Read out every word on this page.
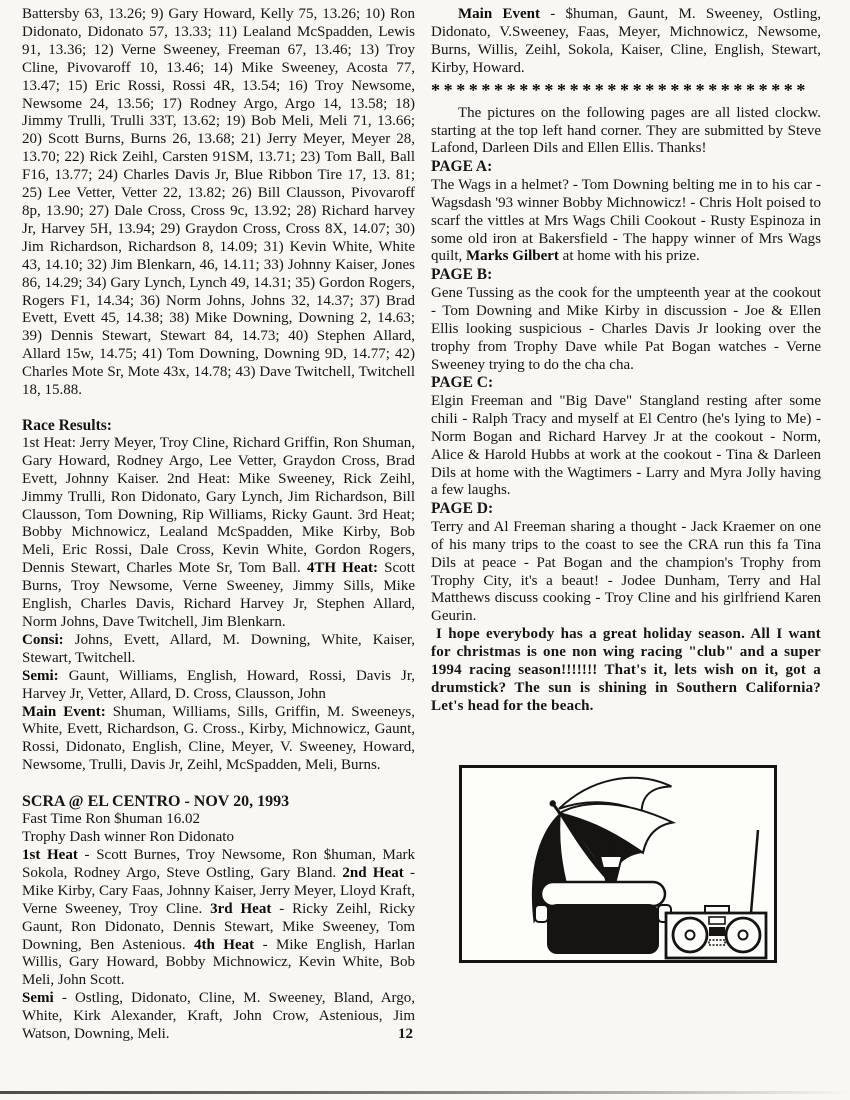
Battersby 63, 13.26; 9) Gary Howard, Kelly 75, 13.26; 10) Ron Didonato, Didonato 57, 13.33; 11) Lealand McSpadden, Lewis 91, 13.36; 12) Verne Sweeney, Freeman 67, 13.46; 13) Troy Cline, Pivovaroff 10, 13.46; 14) Mike Sweeney, Acosta 77, 13.47; 15) Eric Rossi, Rossi 4R, 13.54; 16) Troy Newsome, Newsome 24, 13.56; 17) Rodney Argo, Argo 14, 13.58; 18) Jimmy Trulli, Trulli 33T, 13.62; 19) Bob Meli, Meli 71, 13.66; 20) Scott Burns, Burns 26, 13.68; 21) Jerry Meyer, Meyer 28, 13.70; 22) Rick Zeihl, Carsten 91SM, 13.71; 23) Tom Ball, Ball F16, 13.77; 24) Charles Davis Jr, Blue Ribbon Tire 17, 13. 81; 25) Lee Vetter, Vetter 22, 13.82; 26) Bill Clausson, Pivovaroff 8p, 13.90; 27) Dale Cross, Cross 9c, 13.92; 28) Richard harvey Jr, Harvey 5H, 13.94; 29) Graydon Cross, Cross 8X, 14.07; 30) Jim Richardson, Richardson 8, 14.09; 31) Kevin White, White 43, 14.10; 32) Jim Blenkarn, 46, 14.11; 33) Johnny Kaiser, Jones 86, 14.29; 34) Gary Lynch, Lynch 49, 14.31; 35) Gordon Rogers, Rogers F1, 14.34; 36) Norm Johns, Johns 32, 14.37; 37) Brad Evett, Evett 45, 14.38; 38) Mike Downing, Downing 2, 14.63; 39) Dennis Stewart, Stewart 84, 14.73; 40) Stephen Allard, Allard 15w, 14.75; 41) Tom Downing, Downing 9D, 14.77; 42) Charles Mote Sr, Mote 43x, 14.78; 43) Dave Twitchell, Twitchell 18, 15.88.

Race Results:

1st Heat: Jerry Meyer, Troy Cline, Richard Griffin, Ron Shuman, Gary Howard, Rodney Argo, Lee Vetter, Graydon Cross, Brad Evett, Johnny Kaiser. 2nd Heat: Mike Sweeney, Rick Zeihl, Jimmy Trulli, Ron Didonato, Gary Lynch, Jim Richardson, Bill Clausson, Tom Downing, Rip Williams, Ricky Gaunt. 3rd Heat; Bobby Michnowicz, Lealand McSpadden, Mike Kirby, Bob Meli, Eric Rossi, Dale Cross, Kevin White, Gordon Rogers, Dennis Stewart, Charles Mote Sr, Tom Ball. 4TH Heat: Scott Burns, Troy Newsome, Verne Sweeney, Jimmy Sills, Mike English, Charles Davis, Richard Harvey Jr, Stephen Allard, Norm Johns, Dave Twitchell, Jim Blenkarn.

Consi: Johns, Evett, Allard, M. Downing, White, Kaiser, Stewart, Twitchell.

Semi: Gaunt, Williams, English, Howard, Rossi, Davis Jr, Harvey Jr, Vetter, Allard, D. Cross, Clausson, John

Main Event: Shuman, Williams, Sills, Griffin, M. Sweeneys, White, Evett, Richardson, G. Cross., Kirby, Michnowicz, Gaunt, Rossi, Didonato, English, Cline, Meyer, V. Sweeney, Howard, Newsome, Trulli, Davis Jr, Zeihl, McSpadden, Meli, Burns.

SCRA @ EL CENTRO - NOV 20, 1993

Fast Time Ron $human 16.02

Trophy Dash winner Ron Didonato

1st Heat - Scott Burnes, Troy Newsome, Ron $human, Mark Sokola, Rodney Argo, Steve Ostling, Gary Bland. 2nd Heat - Mike Kirby, Cary Faas, Johnny Kaiser, Jerry Meyer, Lloyd Kraft, Verne Sweeney, Troy Cline. 3rd Heat - Ricky Zeihl, Ricky Gaunt, Ron Didonato, Dennis Stewart, Mike Sweeney, Tom Downing, Ben Astenious. 4th Heat - Mike English, Harlan Willis, Gary Howard, Bobby Michnowicz, Kevin White, Bob Meli, John Scott.

12
Semi - Ostling, Didonato, Cline, M. Sweeney, Bland, Argo, White, Kirk Alexander, Kraft, John Crow, Astenious, Jim Watson, Downing, Meli.

Main Event - $human, Gaunt, M. Sweeney, Ostling, Didonato, V.Sweeney, Faas, Meyer, Michnowicz, Newsome, Burns, Willis, Zeihl, Sokola, Kaiser, Cline, English, Stewart, Kirby, Howard.

******************************

The pictures on the following pages are all listed clockw. starting at the top left hand corner. They are submitted by Steve Lafond, Darleen Dils and Ellen Ellis. Thanks!

PAGE A:

The Wags in a helmet? - Tom Downing belting me in to his car - Wagsdash '93 winner Bobby Michnowicz! - Chris Holt poised to scarf the vittles at Mrs Wags Chili Cookout - Rusty Espinoza in some old iron at Bakersfield - The happy winner of Mrs Wags quilt, Marks Gilbert at home with his prize.

PAGE B:

Gene Tussing as the cook for the umpteenth year at the cookout - Tom Downing and Mike Kirby in discussion - Joe & Ellen Ellis looking suspicious - Charles Davis Jr looking over the trophy from Trophy Dave while Pat Bogan watches - Verne Sweeney trying to do the cha cha.

PAGE C:

Elgin Freeman and "Big Dave" Stangland resting after some chili - Ralph Tracy and myself at El Centro (he's lying to Me) - Norm Bogan and Richard Harvey Jr at the cookout - Norm, Alice & Harold Hubbs at work at the cookout - Tina & Darleen Dils at home with the Wagtimers - Larry and Myra Jolly having a few laughs.

PAGE D:

Terry and Al Freeman sharing a thought - Jack Kraemer on one of his many trips to the coast to see the CRA run this fa Tina Dils at peace - Pat Bogan and the champion's Trophy from Trophy City, it's a beaut! - Jodee Dunham, Terry and Hal Matthews discuss cooking - Troy Cline and his girlfriend Karen Geurin.

I hope everybody has a great holiday season. All I want for christmas is one non wing racing "club" and a super 1994 racing season!!!!!!! That's it, lets wish on it, got a drumstick? The sun is shining in Southern California? Let's head for the beach.
